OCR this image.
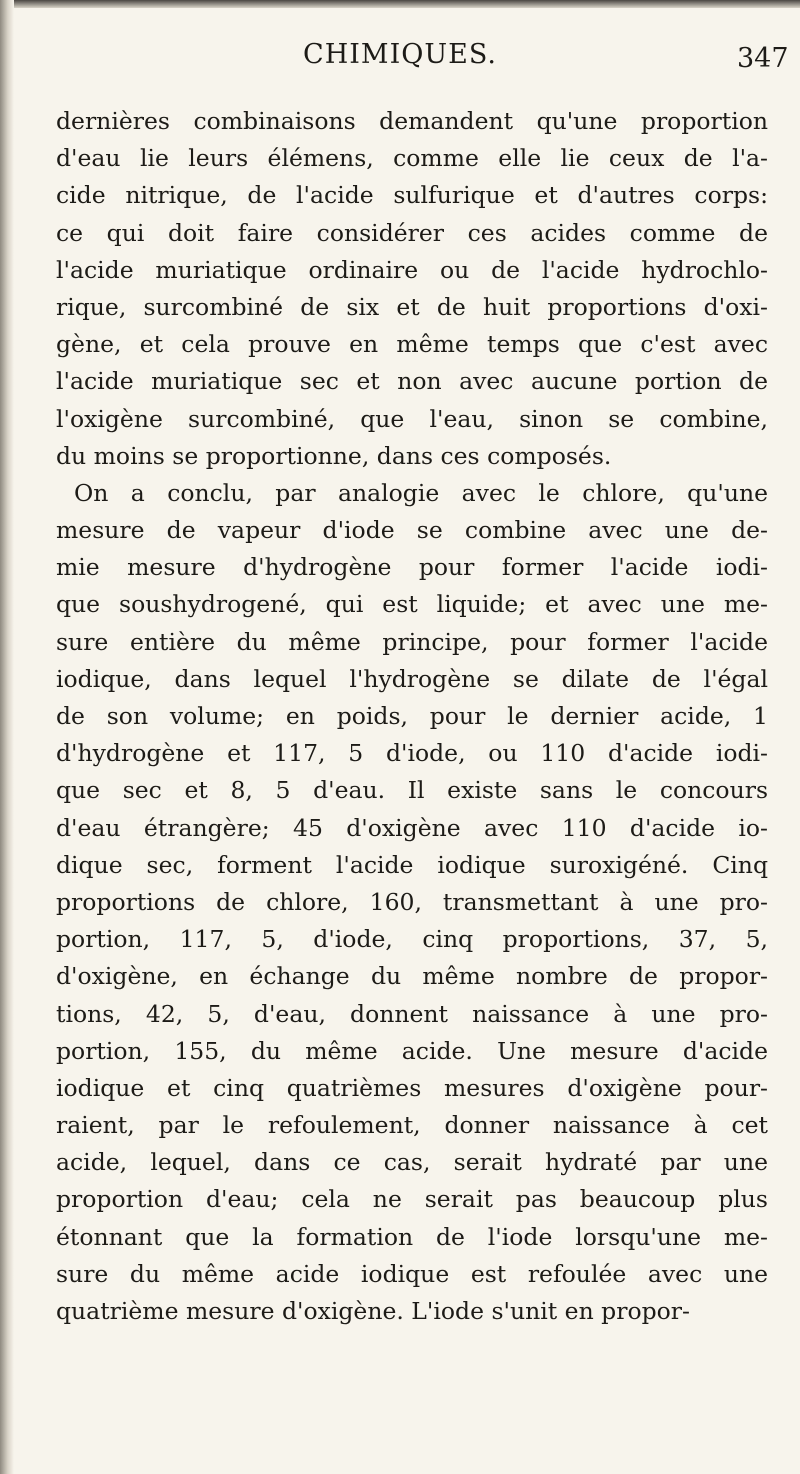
CHIMIQUES.	347
dernières combinaisons demandent qu'une proportion
d'eau lie leurs élémens, comme elle lie ceux de l'a-
cide nitrique, de l'acide sulfurique et d'autres corps:
ce qui doit faire considérer ces acides comme de
l'acide muriatique ordinaire ou de l'acide hydrochlo-
rique, surcombiné de six et de huit proportions d'oxi-
gène, et cela prouve en même temps que c'est avec
l'acide muriatique sec et non avec aucune portion de
l'oxigène surcombiné, que l'eau, sinon se combine,
du moins se proportionne, dans ces composés.
On a conclu, par analogie avec le chlore, qu'une
mesure de vapeur d'iode se combine avec une de-
mie mesure d'hydrogène pour former l'acide iodi-
que soushydrogené, qui est liquide; et avec une me-
sure entière du même principe, pour former l'acide
iodique, dans lequel l'hydrogène se dilate de l'égal
de son volume; en poids, pour le dernier acide, 1
d'hydrogène et 117, 5 d'iode, ou 110 d'acide iodi-
que sec et 8, 5 d'eau. Il existe sans le concours
d'eau étrangère; 45 d'oxigène avec 110 d'acide io-
dique sec, forment l'acide iodique suroxigéné. Cinq
proportions de chlore, 160, transmettant à une pro-
portion, 117, 5, d'iode, cinq proportions, 37, 5,
d'oxigène, en échange du même nombre de propor-
tions, 42, 5, d'eau, donnent naissance à une pro-
portion, 155, du même acide. Une mesure d'acide
iodique et cinq quatrièmes mesures d'oxigène pour-
raient, par le refoulement, donner naissance à cet
acide, lequel, dans ce cas, serait hydraté par une
proportion d'eau; cela ne serait pas beaucoup plus
étonnant que la formation de l'iode lorsqu'une me-
sure du même acide iodique est refoulée avec une
quatrième mesure d'oxigène. L'iode s'unit en propor-
